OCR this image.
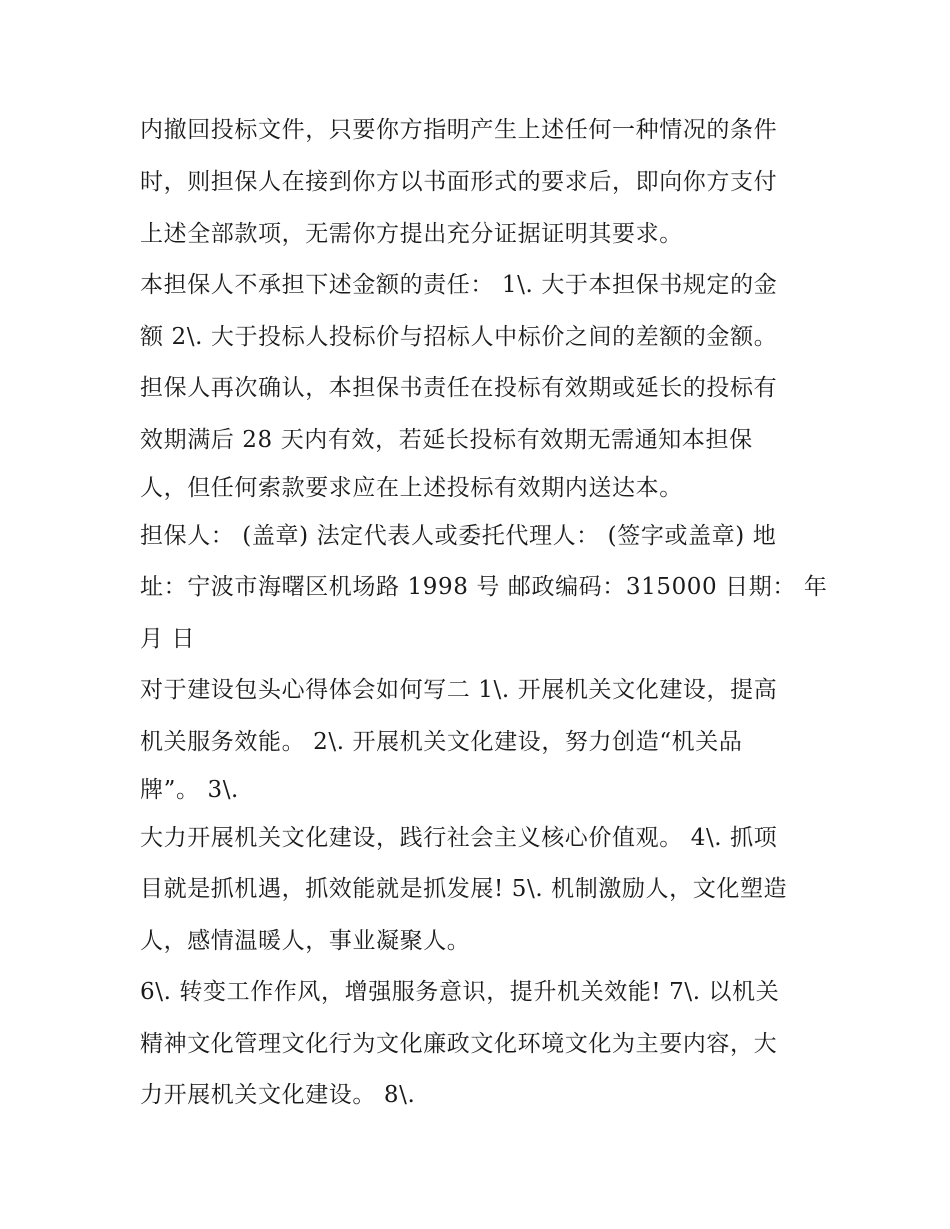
内撤回投标文件，只要你方指明产生上述任何一种情况的条件
时，则担保人在接到你方以书面形式的要求后，即向你方支付
上述全部款项，无需你方提出充分证据证明其要求。
本担保人不承担下述金额的责任： 1\. 大于本担保书规定的金
额 2\. 大于投标人投标价与招标人中标价之间的差额的金额。
担保人再次确认，本担保书责任在投标有效期或延长的投标有
效期满后 28 天内有效，若延长投标有效期无需通知本担保
人，但任何索款要求应在上述投标有效期内送达本。
担保人： (盖章) 法定代表人或委托代理人： (签字或盖章) 地
址：宁波市海曙区机场路 1998 号 邮政编码：315000 日期： 年
月 日
对于建设包头心得体会如何写二 1\. 开展机关文化建设，提高
机关服务效能。 2\. 开展机关文化建设，努力创造“机关品
牌”。 3\.
大力开展机关文化建设，践行社会主义核心价值观。 4\. 抓项
目就是抓机遇，抓效能就是抓发展! 5\. 机制激励人，文化塑造
人，感情温暖人，事业凝聚人。
6\. 转变工作作风，增强服务意识，提升机关效能! 7\. 以机关
精神文化管理文化行为文化廉政文化环境文化为主要内容，大
力开展机关文化建设。 8\.
